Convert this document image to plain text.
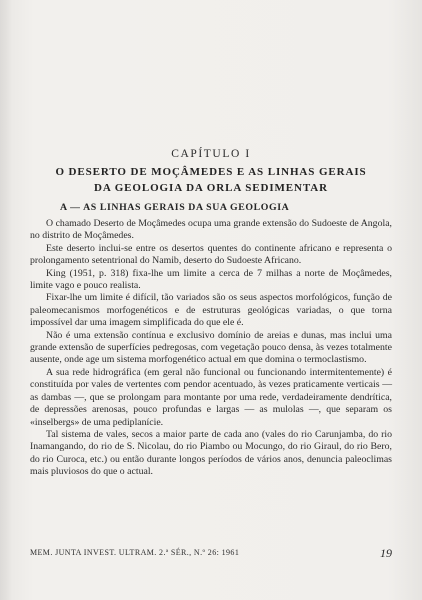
CAPÍTULO I
O DESERTO DE MOÇÂMEDES E AS LINHAS GERAIS
DA GEOLOGIA DA ORLA SEDIMENTAR
A — AS LINHAS GERAIS DA SUA GEOLOGIA

O chamado Deserto de Moçâmedes ocupa uma grande extensão do Sudoeste de Angola, no distrito de Moçâmedes.

Este deserto inclui-se entre os desertos quentes do continente africano e representa o prolongamento setentrional do Namib, deserto do Sudoeste Africano.

King (1951, p. 318) fixa-lhe um limite a cerca de 7 milhas a norte de Moçâmedes, limite vago e pouco realista.

Fixar-lhe um limite é difícil, tão variados são os seus aspectos morfológicos, função de paleomecanismos morfogenéticos e de estruturas geológicas variadas, o que torna impossível dar uma imagem simplificada do que ele é.

Não é uma extensão contínua e exclusivo domínio de areias e dunas, mas inclui uma grande extensão de superfícies pedregosas, com vegetação pouco densa, às vezes totalmente ausente, onde age um sistema morfogenético actual em que domina o termoclastismo.

A sua rede hidrográfica (em geral não funcional ou funcionando intermitentemente) é constituída por vales de vertentes com pendor acentuado, às vezes praticamente verticais — as dambas —, que se prolongam para montante por uma rede, verdadeiramente dendrítica, de depressões arenosas, pouco profundas e largas — as mulolas —, que separam os «inselbergs» de uma pediplanície.

Tal sistema de vales, secos a maior parte de cada ano (vales do rio Carunjamba, do rio Inamangando, do rio de S. Nicolau, do rio Piambo ou Mocungo, do rio Giraul, do rio Bero, do rio Curoca, etc.) ou então durante longos períodos de vários anos, denuncia paleoclimas mais pluviosos do que o actual.

MEM. JUNTA INVEST. ULTRAM. 2.ª SÉR., N.º 26: 1961	19
